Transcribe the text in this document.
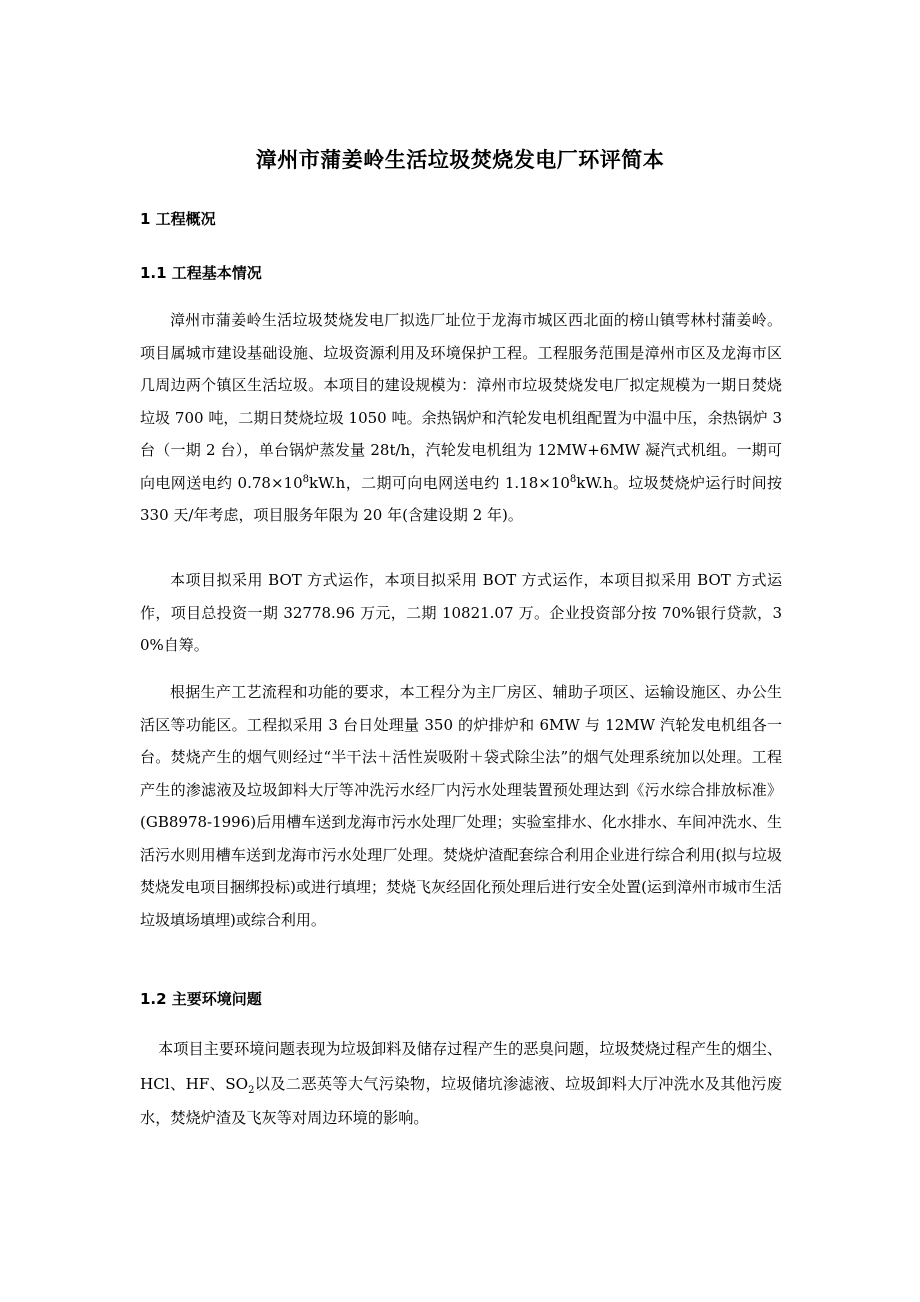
漳州市蒲姜岭生活垃圾焚烧发电厂环评简本
1 工程概况
1.1 工程基本情况

漳州市蒲姜岭生活垃圾焚烧发电厂拟选厂址位于龙海市城区西北面的榜山镇雩林村蒲姜岭。项目属城市建设基础设施、垃圾资源利用及环境保护工程。工程服务范围是漳州市区及龙海市区几周边两个镇区生活垃圾。本项目的建设规模为：漳州市垃圾焚烧发电厂拟定规模为一期日焚烧垃圾 700 吨，二期日焚烧垃圾 1050 吨。余热锅炉和汽轮发电机组配置为中温中压，余热锅炉 3 台（一期 2 台），单台锅炉蒸发量 28t/h，汽轮发电机组为 12MW+6MW 凝汽式机组。一期可向电网送电约 $0.78\times 10^8kW.h$，二期可向电网送电约 $1.18\times 10^8kW.h$。垃圾焚烧炉运行时间按 330 天/年考虑，项目服务年限为 20 年(含建设期 2 年)。

本项目拟采用 BOT 方式运作，本项目拟采用 BOT 方式运作，本项目拟采用 BOT 方式运作，项目总投资一期 32778.96 万元，二期 10821.07 万。企业投资部分按 70%银行贷款，30%自筹。

根据生产工艺流程和功能的要求，本工程分为主厂房区、辅助子项区、运输设施区、办公生活区等功能区。工程拟采用 3 台日处理量 350 的炉排炉和 6MW 与 12MW 汽轮发电机组各一台。焚烧产生的烟气则经过“半干法＋活性炭吸附＋袋式除尘法”的烟气处理系统加以处理。工程产生的渗滤液及垃圾卸料大厅等冲洗污水经厂内污水处理装置预处理达到《污水综合排放标准》(GB8978-1996)后用槽车送到龙海市污水处理厂处理；实验室排水、化水排水、车间冲洗水、生活污水则用槽车送到龙海市污水处理厂处理。焚烧炉渣配套综合利用企业进行综合利用(拟与垃圾焚烧发电项目捆绑投标)或进行填埋；焚烧飞灰经固化预处理后进行安全处置(运到漳州市城市生活垃圾填场填埋)或综合利用。

1.2 主要环境问题

本项目主要环境问题表现为垃圾卸料及储存过程产生的恶臭问题，垃圾焚烧过程产生的烟尘、HCl、HF、$SO_2$以及二恶英等大气污染物，垃圾储坑渗滤液、垃圾卸料大厅冲洗水及其他污废水，焚烧炉渣及飞灰等对周边环境的影响。
